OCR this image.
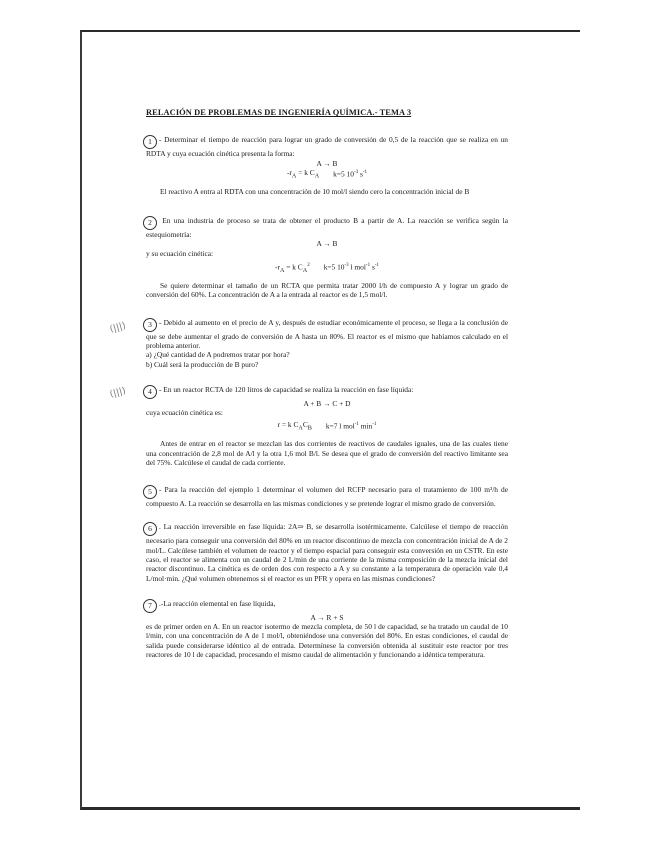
RELACIÓN DE PROBLEMAS DE INGENIERÍA QUÍMICA.- TEMA 3
1 - Determinar el tiempo de reacción para lograr un grado de conversión de 0,5 de la reacción que se realiza en un RDTA y cuya ecuación cinética presenta la forma:
A → B
$-r_A = k$ $C_A$ k=5 $10^{-3}$ $s^{-1}$
El reactivo A entra al RDTA con una concentración de 10 mol/l siendo cero la concentración inicial de B
2 En una industria de proceso se trata de obtener el producto B a partir de A. La reacción se verifica según la estequiometría:
A → B
y su ecuación cinética:
$-r_A = k$ $C_A^2$ k=5 $10^{-3}$ l mol$^{-1}$ $s^{-1}$
Se quiere determinar el tamaño de un RCTA que permita tratar 2000 l/h de compuesto A y lograr un grado de conversión del 60%. La concentración de A a la entrada al reactor es de 1,5 mol/l.
(|||)	3 - Debido al aumento en el precio de A y, después de estudiar económicamente el proceso, se llega a la conclusión de que se debe aumentar el grado de conversión de A hasta un 80%. El reactor es el mismo que habíamos calculado en el problema anterior.
a) ¿Qué cantidad de A podremos tratar por hora?
b) Cuál será la producción de B puro?
(|||)	4 - En un reactor RCTA de 120 litros de capacidad se realiza la reacción en fase líquida:
A + B → C + D
cuya ecuación cinética es:
r = k $C_AC_B$ k=7 l mol$^{-1}$ $\min^{-1}$
Antes de entrar en el reactor se mezclan las dos corrientes de reactivos de caudales iguales, una de las cuales tiene una concentración de 2,8 mol de A/l y la otra 1,6 mol B/l. Se desea que el grado de conversión del reactivo limitante sea del 75%. Calcúlese el caudal de cada corriente.
5 - Para la reacción del ejemplo 1 determinar el volumen del RCFP necesario para el tratamiento de 100 m³/h de compuesto A. La reacción se desarrolla en las mismas condiciones y se pretende lograr el mismo grado de conversión.
6 . La reacción irreversible en fase líquida: 2A⇒ B, se desarrolla isotérmicamente. Calcúlese el tiempo de reacción necesario para conseguir una conversión del 80% en un reactor discontinuo de mezcla con concentración inicial de A de 2 mol/L. Calcúlese también el volumen de reactor y el tiempo espacial para conseguir esta conversión en un CSTR. En este caso, el reactor se alimenta con un caudal de 2 L/min de una corriente de la misma composición de la mezcla inicial del reactor discontinuo. La cinética es de orden dos con respecto a A y su constante a la temperatura de operación vale 0,4 L/mol·min. ¿Qué volumen obtenemos si el reactor es un PFR y opera en las mismas condiciones?
7 .-La reacción elemental en fase líquida,
A → R + S
es de primer orden en A. En un reactor isotermo de mezcla completa, de 50 l de capacidad, se ha tratado un caudal de 10 l/min, con una concentración de A de 1 mol/l, obteniéndose una conversión del 80%. En estas condiciones, el caudal de salida puede considerarse idéntico al de entrada. Determínese la conversión obtenida al sustituir este reactor por tres reactores de 10 l de capacidad, procesando el mismo caudal de alimentación y funcionando a idéntica temperatura.
